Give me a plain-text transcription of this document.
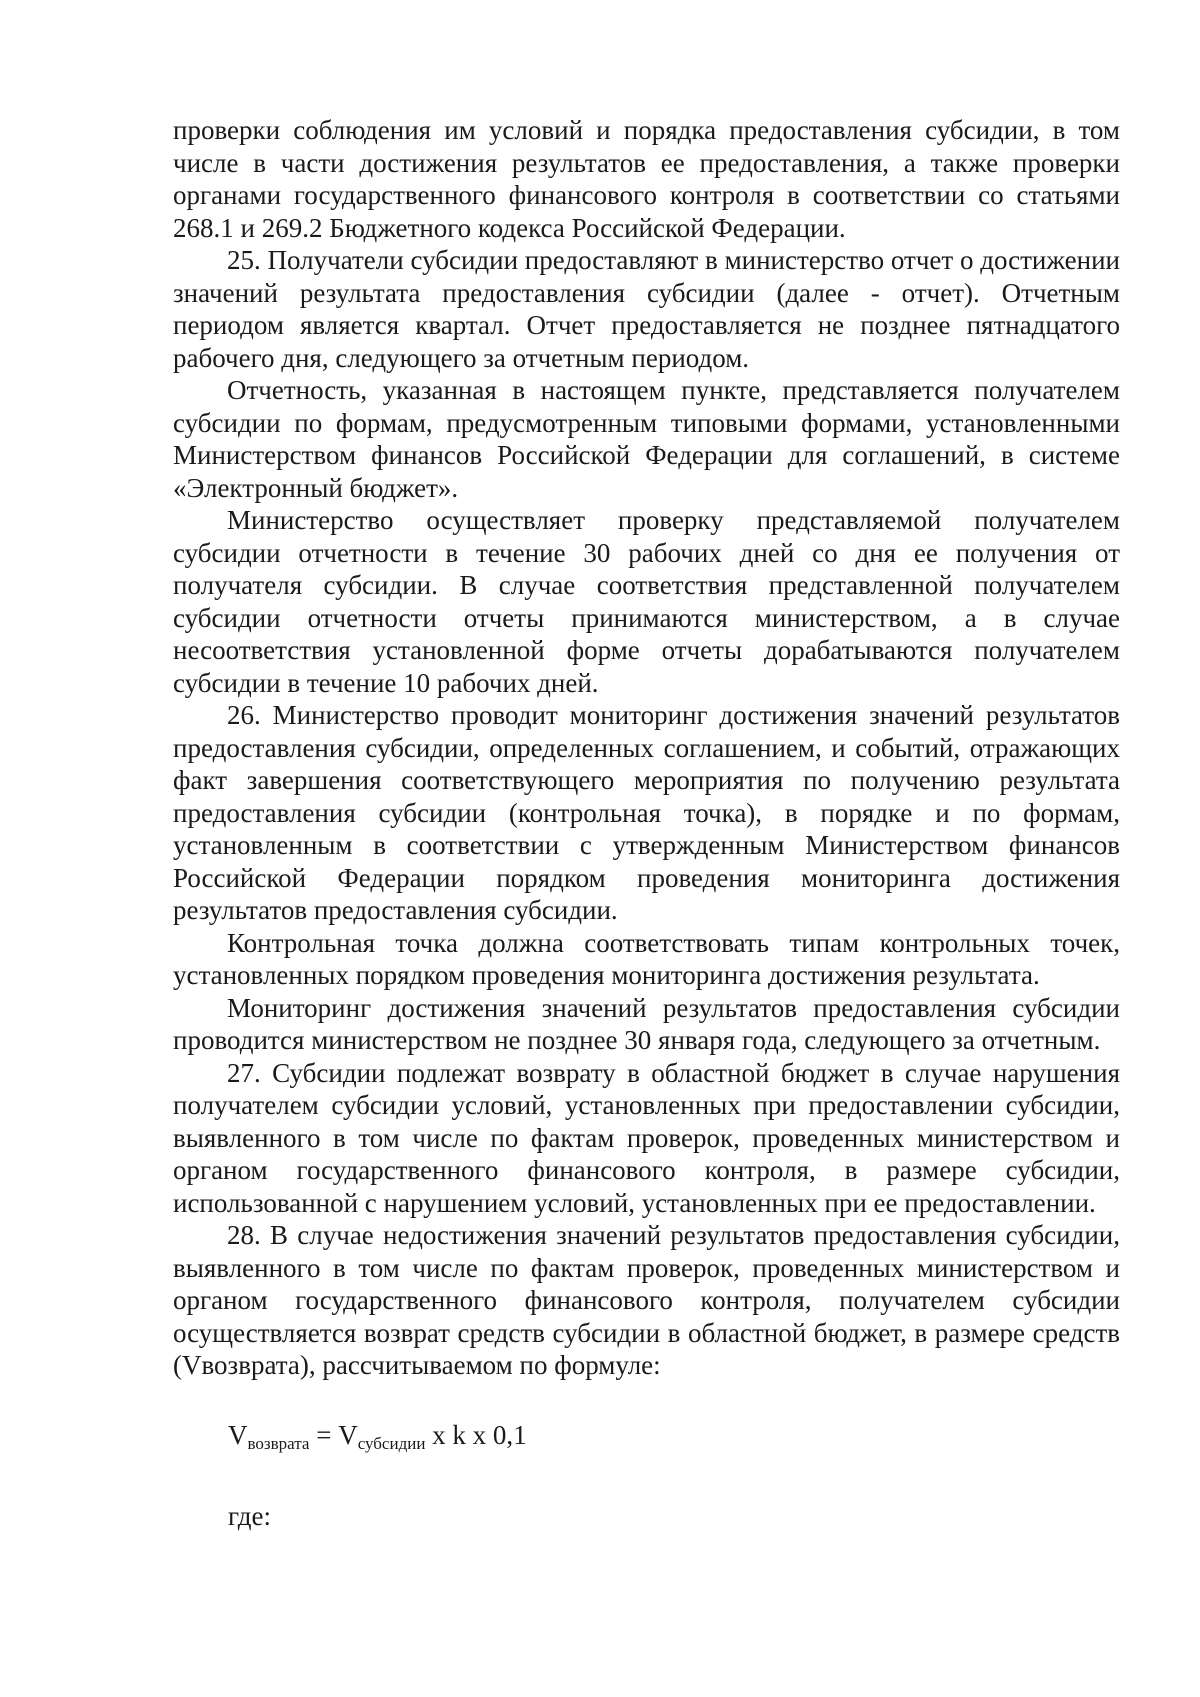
проверки соблюдения им условий и порядка предоставления субсидии, в том числе в части достижения результатов ее предоставления, а также проверки органами государственного финансового контроля в соответствии со статьями 268.1 и 269.2 Бюджетного кодекса Российской Федерации.

25. Получатели субсидии предоставляют в министерство отчет о достижении значений результата предоставления субсидии (далее - отчет). Отчетным периодом является квартал. Отчет предоставляется не позднее пятнадцатого рабочего дня, следующего за отчетным периодом.

Отчетность, указанная в настоящем пункте, представляется получателем субсидии по формам, предусмотренным типовыми формами, установленными Министерством финансов Российской Федерации для соглашений, в системе «Электронный бюджет».

Министерство осуществляет проверку представляемой получателем субсидии отчетности в течение 30 рабочих дней со дня ее получения от получателя субсидии. В случае соответствия представленной получателем субсидии отчетности отчеты принимаются министерством, а в случае несоответствия установленной форме отчеты дорабатываются получателем субсидии в течение 10 рабочих дней.

26. Министерство проводит мониторинг достижения значений результатов предоставления субсидии, определенных соглашением, и событий, отражающих факт завершения соответствующего мероприятия по получению результата предоставления субсидии (контрольная точка), в порядке и по формам, установленным в соответствии с утвержденным Министерством финансов Российской Федерации порядком проведения мониторинга достижения результатов предоставления субсидии.

Контрольная точка должна соответствовать типам контрольных точек, установленных порядком проведения мониторинга достижения результата.

Мониторинг достижения значений результатов предоставления субсидии проводится министерством не позднее 30 января года, следующего за отчетным.

27. Субсидии подлежат возврату в областной бюджет в случае нарушения получателем субсидии условий, установленных при предоставлении субсидии, выявленного в том числе по фактам проверок, проведенных министерством и органом государственного финансового контроля, в размере субсидии, использованной с нарушением условий, установленных при ее предоставлении.

28. В случае недостижения значений результатов предоставления субсидии, выявленного в том числе по фактам проверок, проведенных министерством и органом государственного финансового контроля, получателем субсидии осуществляется возврат средств субсидии в областной бюджет, в размере средств (Vвозврата), рассчитываемом по формуле:

$V_{возврата} = V_{субсидии}$ x k x 0,1
где:
